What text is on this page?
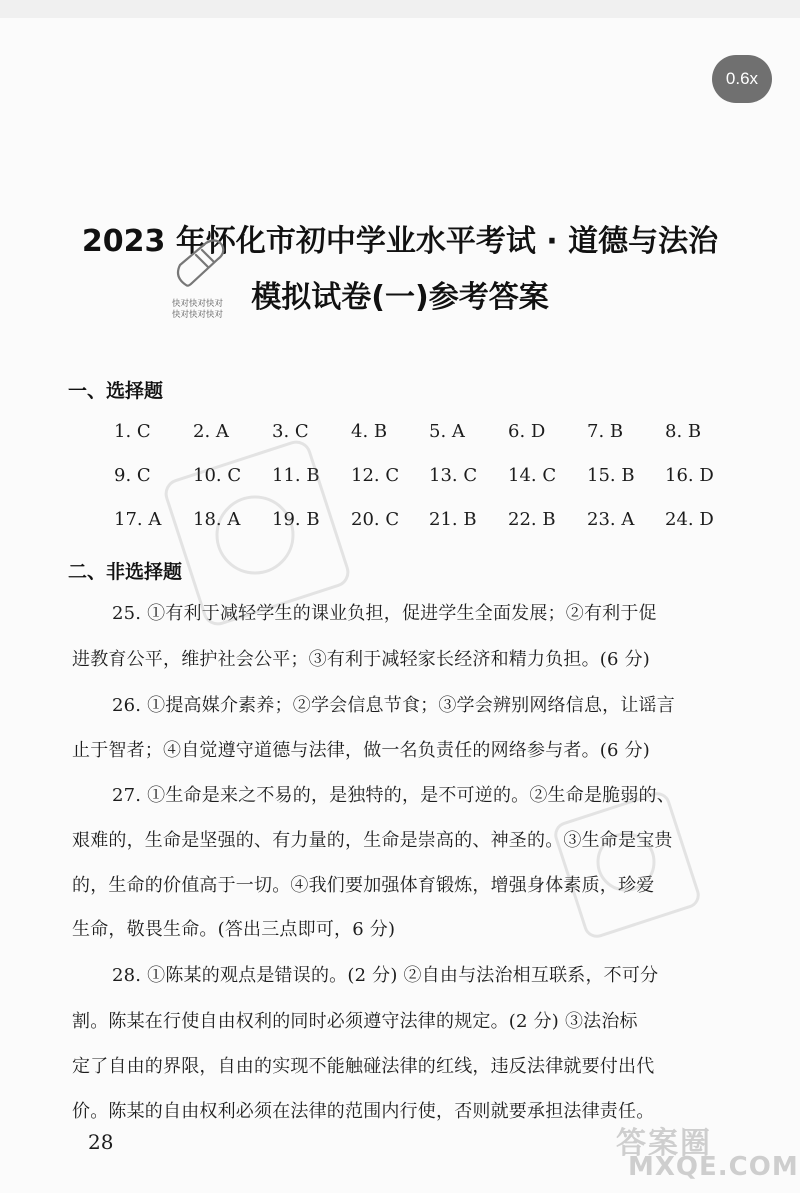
0.6x
2023 年怀化市初中学业水平考试 · 道德与法治
模拟试卷(一)参考答案
快对快对快对
快对快对快对
一、选择题
1. C 2. A 3. C 4. B 5. A 6. D 7. B 8. B
9. C 10. C 11. B 12. C 13. C 14. C 15. B 16. D
17. A 18. A 19. B 20. C 21. B 22. B 23. A 24. D
二、非选择题
25. ①有利于减轻学生的课业负担，促进学生全面发展；②有利于促
进教育公平，维护社会公平；③有利于减轻家长经济和精力负担。(6 分)
26. ①提高媒介素养；②学会信息节食；③学会辨别网络信息，让谣言
止于智者；④自觉遵守道德与法律，做一名负责任的网络参与者。(6 分)
27. ①生命是来之不易的，是独特的，是不可逆的。②生命是脆弱的、
艰难的，生命是坚强的、有力量的，生命是崇高的、神圣的。③生命是宝贵
的，生命的价值高于一切。④我们要加强体育锻炼，增强身体素质，珍爱
生命，敬畏生命。(答出三点即可，6 分)
28. ①陈某的观点是错误的。(2 分) ②自由与法治相互联系，不可分
割。陈某在行使自由权利的同时必须遵守法律的规定。(2 分) ③法治标
定了自由的界限，自由的实现不能触碰法律的红线，违反法律就要付出代
价。陈某的自由权利必须在法律的范围内行使，否则就要承担法律责任。
28	答案圈
MXQE.COM
